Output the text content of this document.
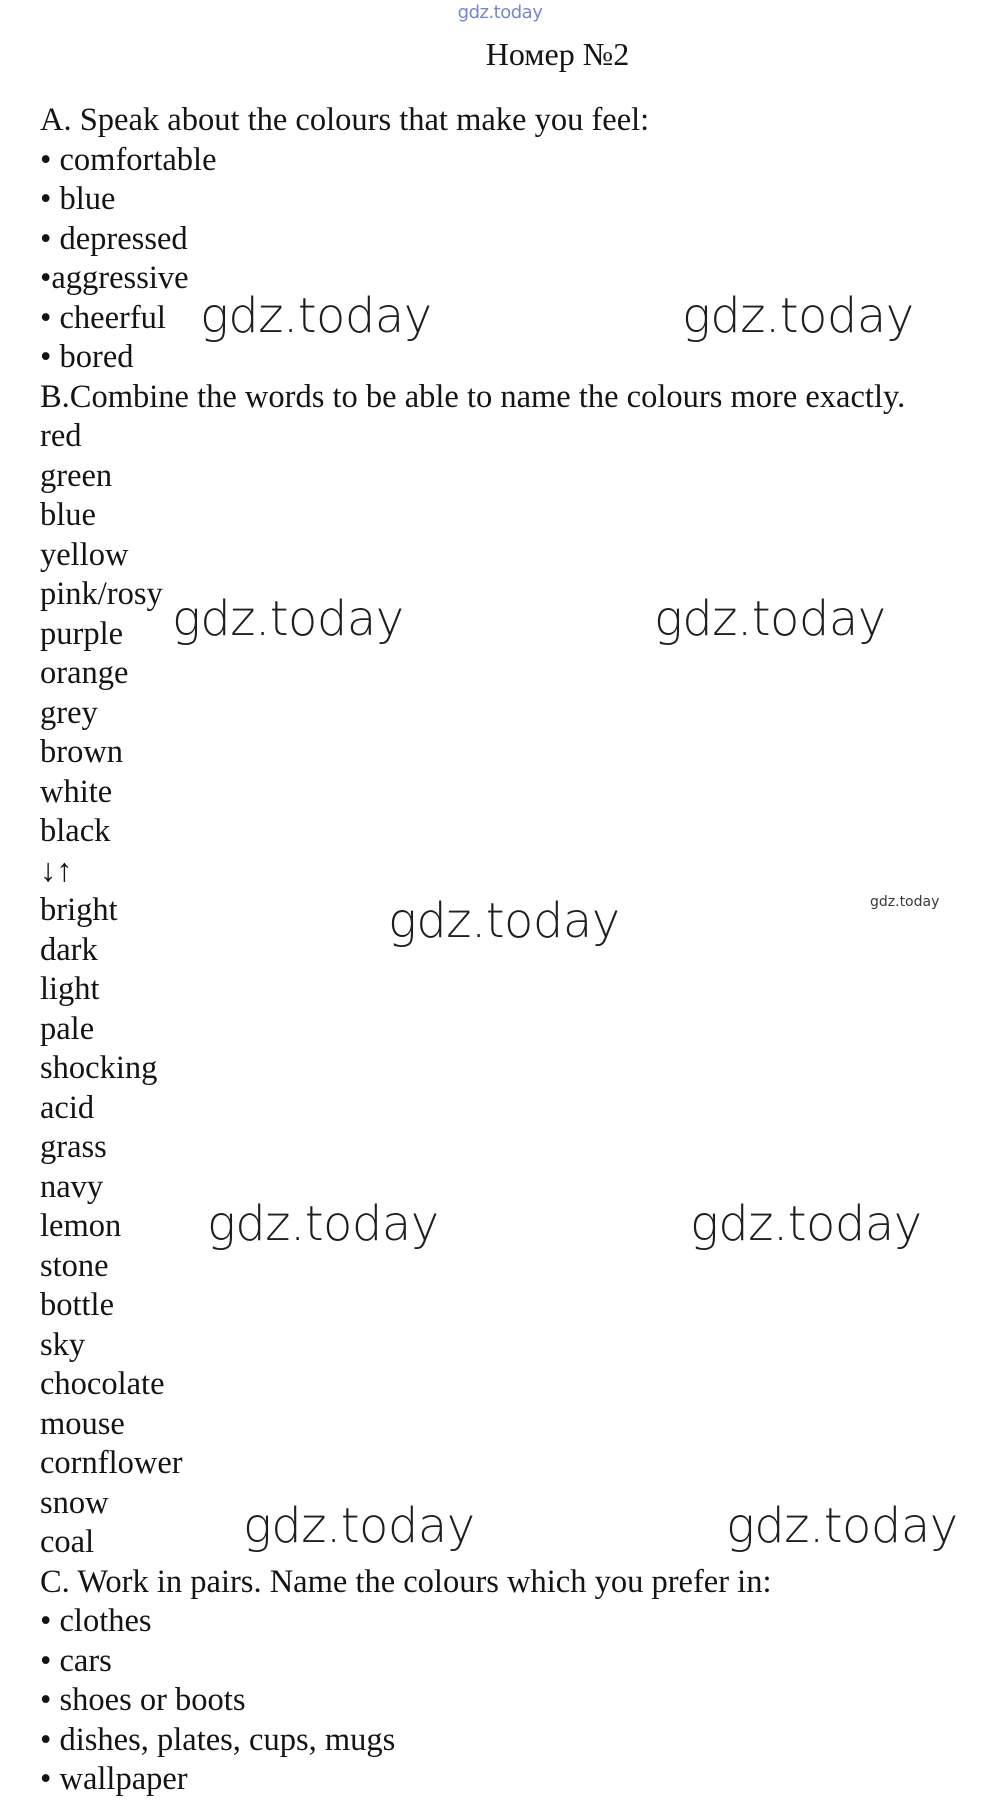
gdz.today
Номер №2
A. Speak about the colours that make you feel:
• comfortable
• blue
• depressed
•aggressive
• cheerful
• bored
B.Combine the words to be able to name the colours more exactly.
red
green
blue
yellow
pink/rosy
purple
orange
grey
brown
white
black
↓↑
bright
dark
light
pale
shocking
acid
grass
navy
lemon
stone
bottle
sky
chocolate
mouse
cornflower
snow
coal
C. Work in pairs. Name the colours which you prefer in:
• clothes
• cars
• shoes or boots
• dishes, plates, cups, mugs
• wallpaper
gdz.today	gdz.today
gdz.today	gdz.today
gdz.today	gdz.today
gdz.today	gdz.today
gdz.today	gdz.today
